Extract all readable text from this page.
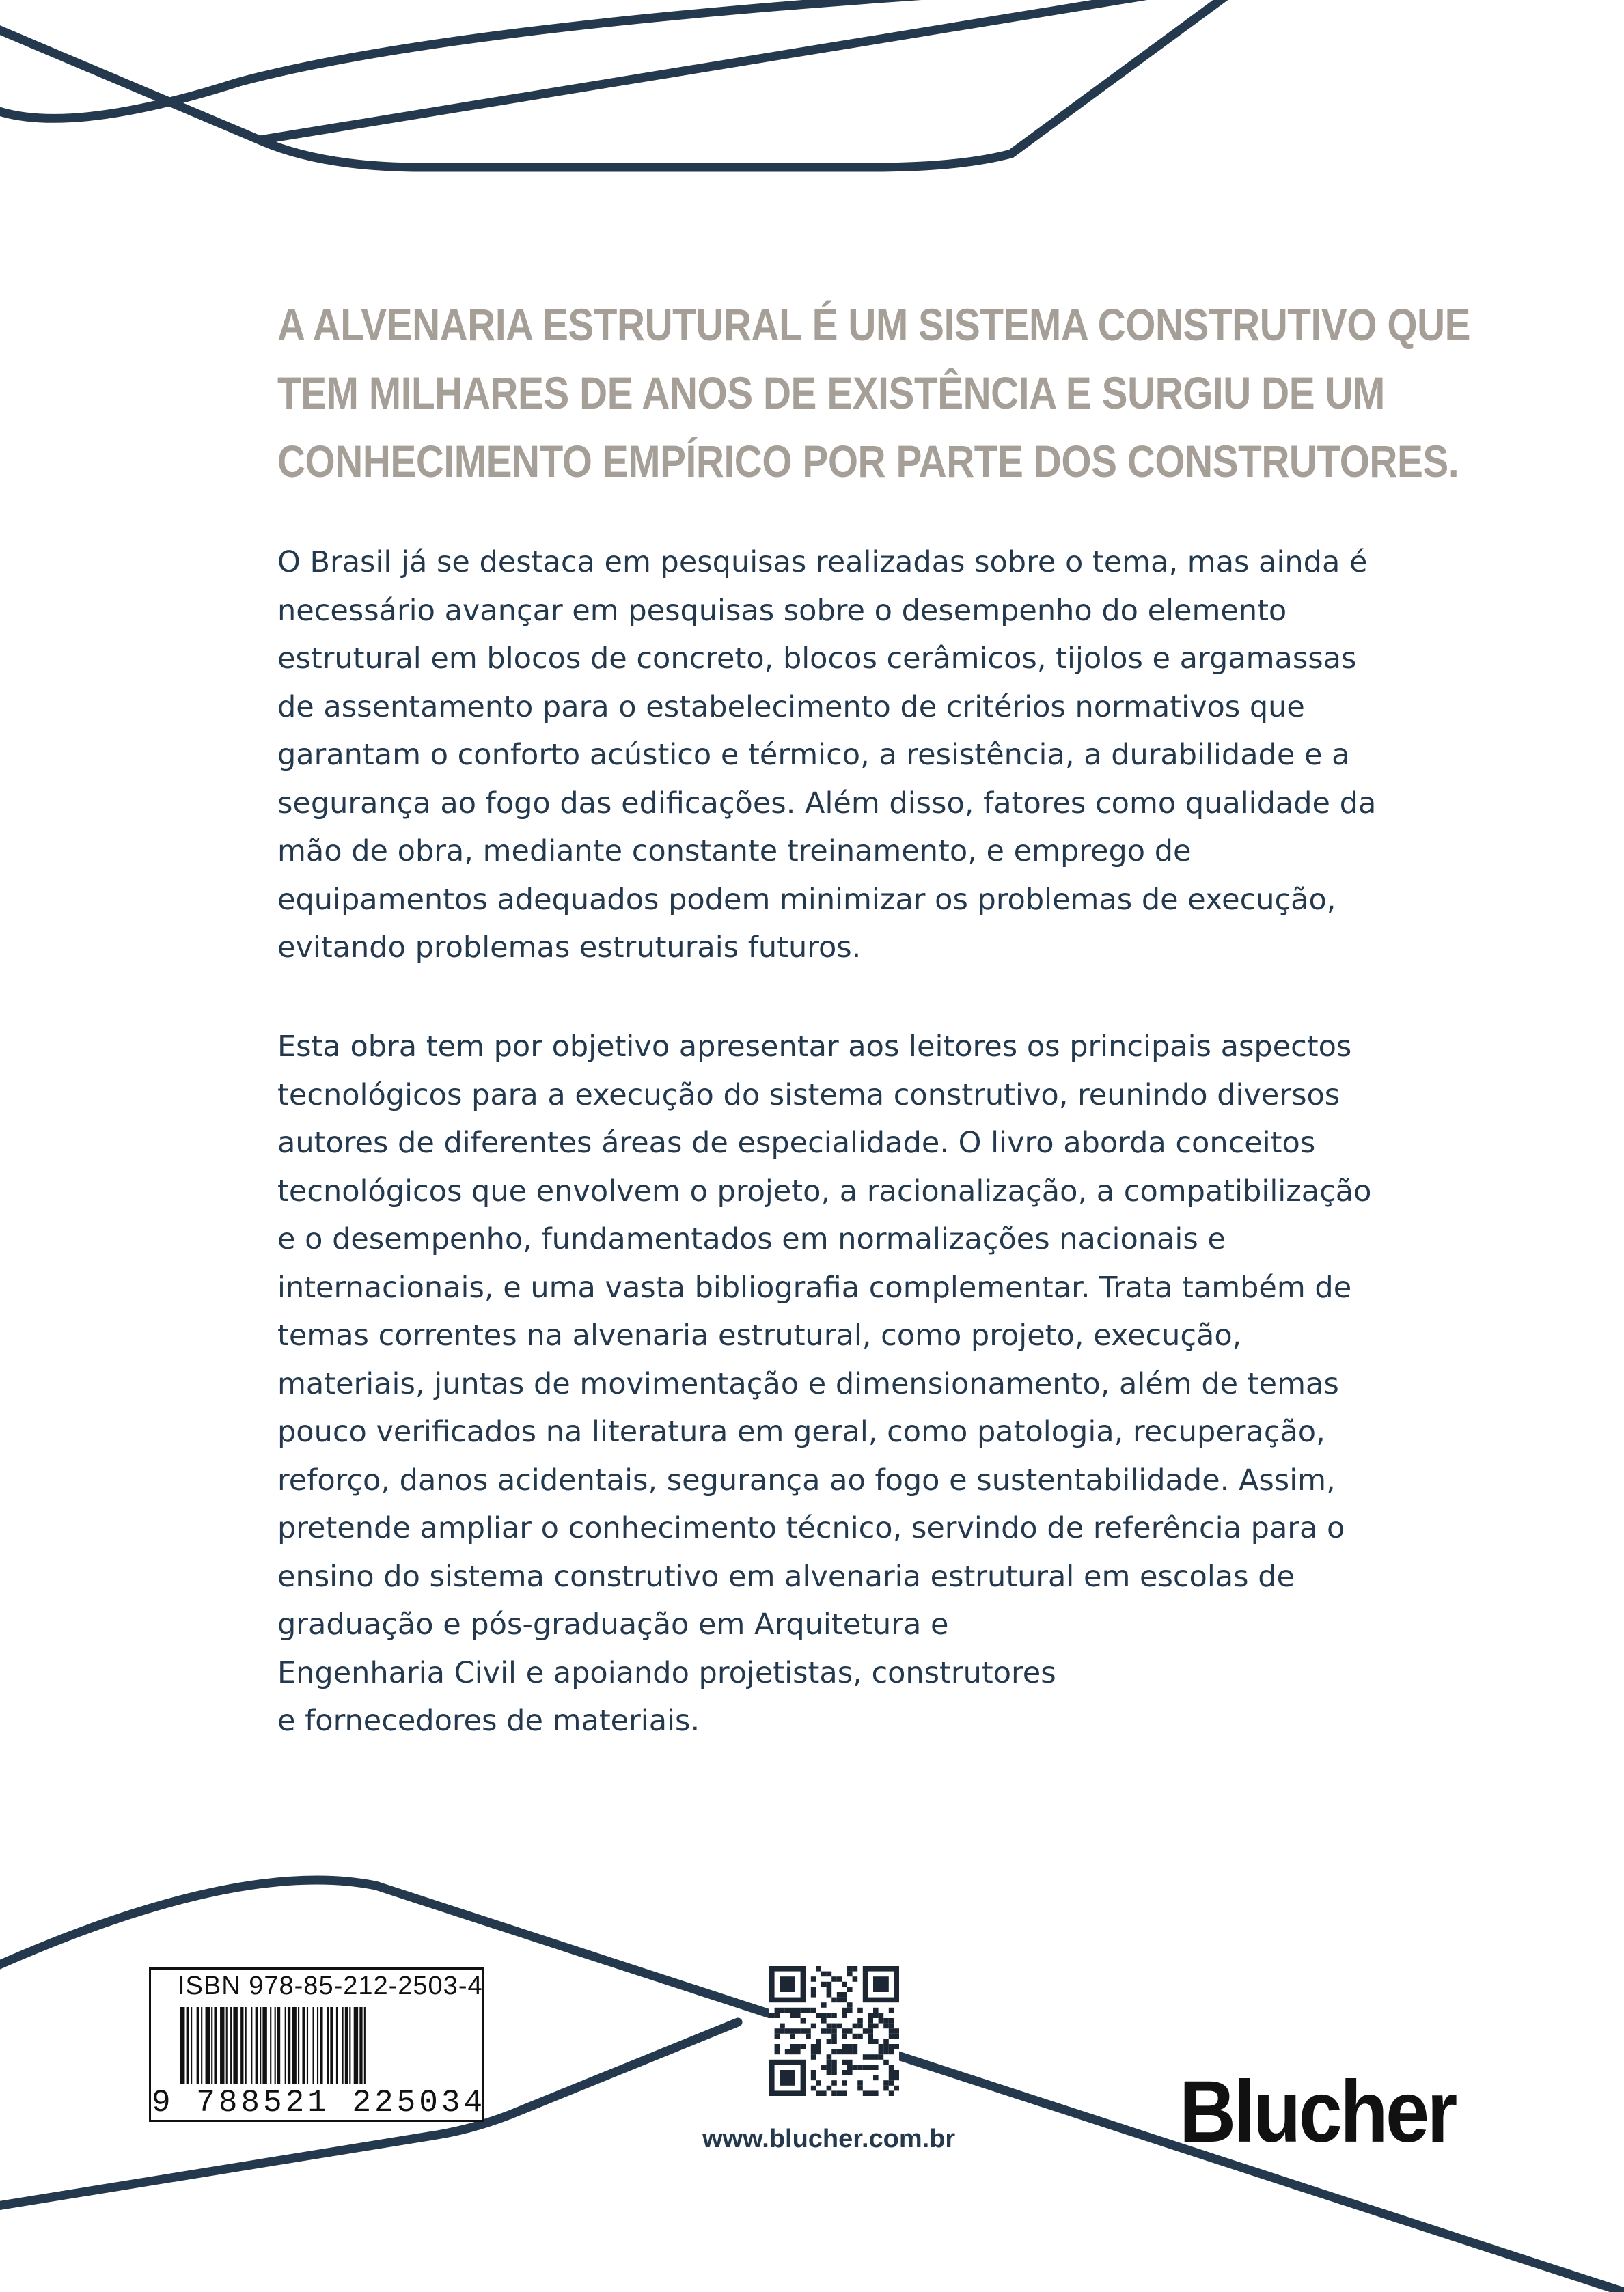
A ALVENARIA ESTRUTURAL É UM SISTEMA CONSTRUTIVO QUE
TEM MILHARES DE ANOS DE EXISTÊNCIA E SURGIU DE UM
CONHECIMENTO EMPÍRICO POR PARTE DOS CONSTRUTORES.
O Brasil já se destaca em pesquisas realizadas sobre o tema, mas ainda é
necessário avançar em pesquisas sobre o desempenho do elemento
estrutural em blocos de concreto, blocos cerâmicos, tijolos e argamassas
de assentamento para o estabelecimento de critérios normativos que
garantam o conforto acústico e térmico, a resistência, a durabilidade e a
segurança ao fogo das edificações. Além disso, fatores como qualidade da
mão de obra, mediante constante treinamento, e emprego de
equipamentos adequados podem minimizar os problemas de execução,
evitando problemas estruturais futuros.
Esta obra tem por objetivo apresentar aos leitores os principais aspectos
tecnológicos para a execução do sistema construtivo, reunindo diversos
autores de diferentes áreas de especialidade. O livro aborda conceitos
tecnológicos que envolvem o projeto, a racionalização, a compatibilização
e o desempenho, fundamentados em normalizações nacionais e
internacionais, e uma vasta bibliografia complementar. Trata também de
temas correntes na alvenaria estrutural, como projeto, execução,
materiais, juntas de movimentação e dimensionamento, além de temas
pouco verificados na literatura em geral, como patologia, recuperação,
reforço, danos acidentais, segurança ao fogo e sustentabilidade. Assim,
pretende ampliar o conhecimento técnico, servindo de referência para o
ensino do sistema construtivo em alvenaria estrutural em escolas de
graduação e pós-graduação em Arquitetura e
Engenharia Civil e apoiando projetistas, construtores
e fornecedores de materiais.
ISBN 978-85-212-2503-4
9 788521 225034
www.blucher.com.br	Blucher
